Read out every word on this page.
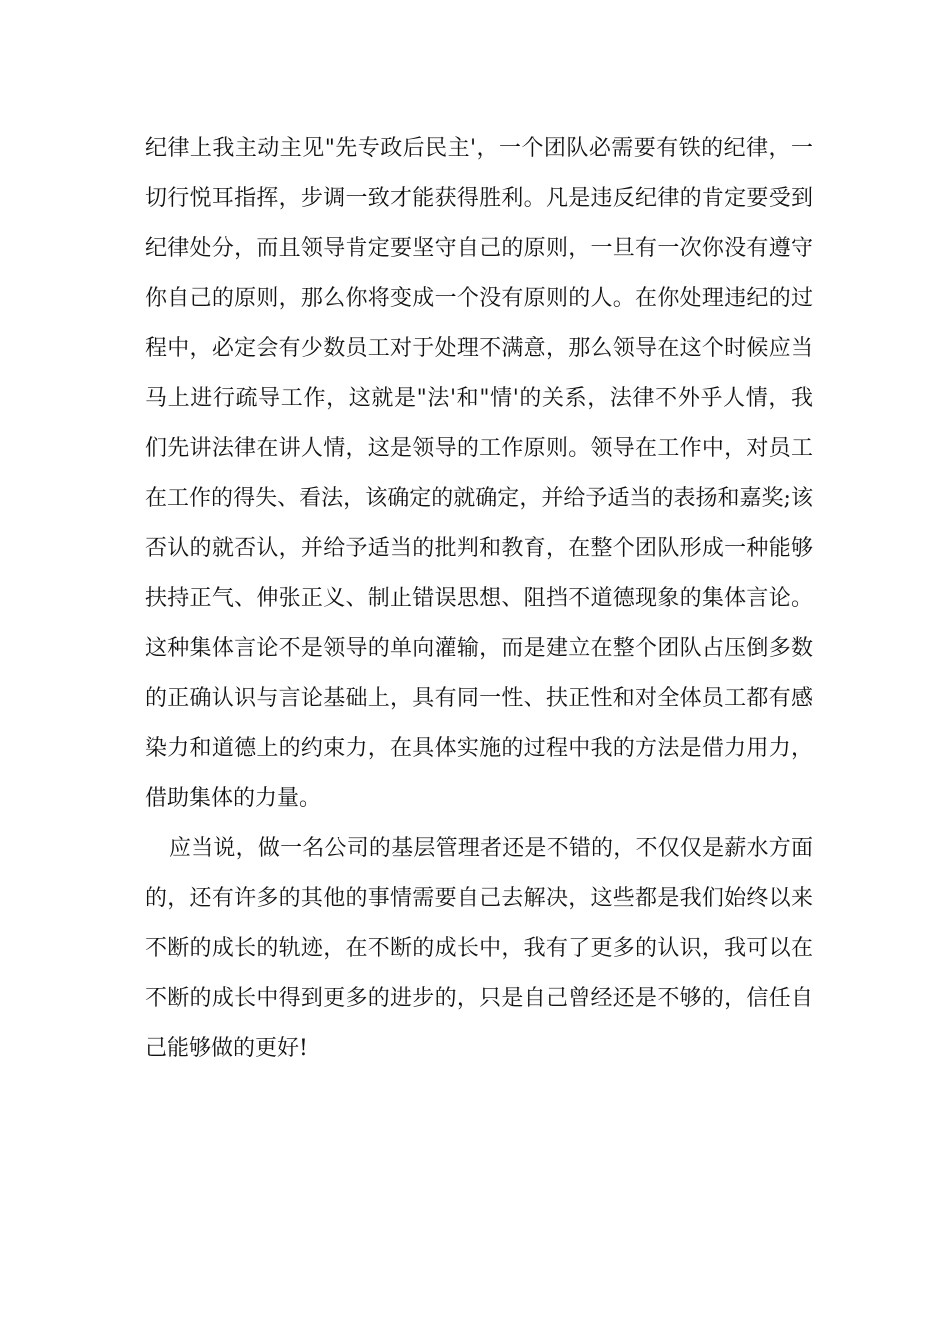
纪律上我主动主见"先专政后民主'，一个团队必需要有铁的纪律，一切行悦耳指挥，步调一致才能获得胜利。凡是违反纪律的肯定要受到纪律处分，而且领导肯定要坚守自己的原则，一旦有一次你没有遵守你自己的原则，那么你将变成一个没有原则的人。在你处理违纪的过程中，必定会有少数员工对于处理不满意，那么领导在这个时候应当马上进行疏导工作，这就是"法'和"情'的关系，法律不外乎人情，我们先讲法律在讲人情，这是领导的工作原则。领导在工作中，对员工在工作的得失、看法，该确定的就确定，并给予适当的表扬和嘉奖;该否认的就否认，并给予适当的批判和教育，在整个团队形成一种能够扶持正气、伸张正义、制止错误思想、阻挡不道德现象的集体言论。这种集体言论不是领导的单向灌输，而是建立在整个团队占压倒多数的正确认识与言论基础上，具有同一性、扶正性和对全体员工都有感染力和道德上的约束力，在具体实施的过程中我的方法是借力用力，借助集体的力量。

应当说，做一名公司的基层管理者还是不错的，不仅仅是薪水方面的，还有许多的其他的事情需要自己去解决，这些都是我们始终以来不断的成长的轨迹，在不断的成长中，我有了更多的认识，我可以在不断的成长中得到更多的进步的，只是自己曾经还是不够的，信任自己能够做的更好!
